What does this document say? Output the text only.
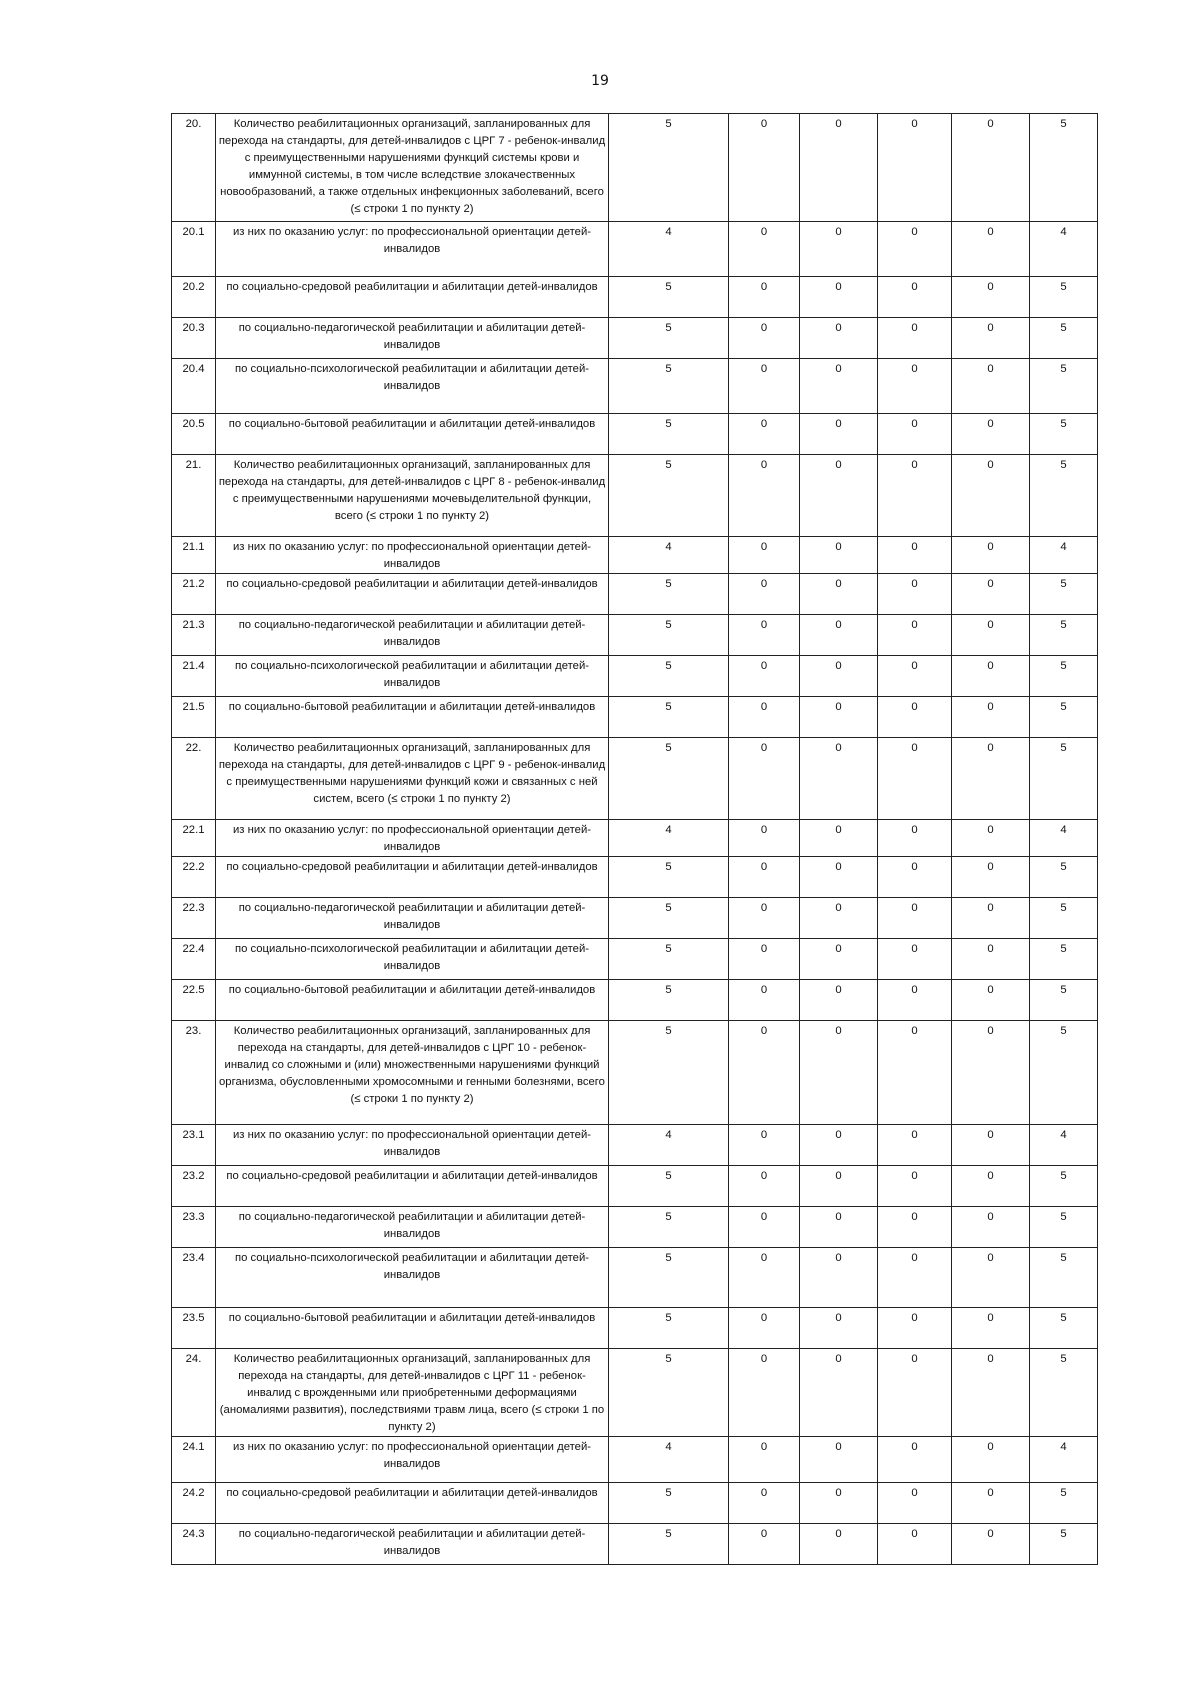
19
20.	Количество реабилитационных организаций, запланированных для перехода на стандарты, для детей-инвалидов с ЦРГ 7 - ребенок-инвалид с преимущественными нарушениями функций системы крови и иммунной системы, в том числе вследствие злокачественных новообразований, а также отдельных инфекционных заболеваний, всего (≤ строки 1 по пункту 2)	5	0	0	0	0	5
20.1	из них по оказанию услуг: по профессиональной ориентации детей-инвалидов	4	0	0	0	0	4
20.2	по социально-средовой реабилитации и абилитации детей-инвалидов	5	0	0	0	0	5
20.3	по социально-педагогической реабилитации и абилитации детей-инвалидов	5	0	0	0	0	5
20.4	по социально-психологической реабилитации и абилитации детей-инвалидов	5	0	0	0	0	5
20.5	по социально-бытовой реабилитации и абилитации детей-инвалидов	5	0	0	0	0	5
21.	Количество реабилитационных организаций, запланированных для перехода на стандарты, для детей-инвалидов с ЦРГ 8 - ребенок-инвалид с преимущественными нарушениями мочевыделительной функции, всего (≤ строки 1 по пункту 2)	5	0	0	0	0	5
21.1	из них по оказанию услуг: по профессиональной ориентации детей-инвалидов	4	0	0	0	0	4
21.2	по социально-средовой реабилитации и абилитации детей-инвалидов	5	0	0	0	0	5
21.3	по социально-педагогической реабилитации и абилитации детей-инвалидов	5	0	0	0	0	5
21.4	по социально-психологической реабилитации и абилитации детей-инвалидов	5	0	0	0	0	5
21.5	по социально-бытовой реабилитации и абилитации детей-инвалидов	5	0	0	0	0	5
22.	Количество реабилитационных организаций, запланированных для перехода на стандарты, для детей-инвалидов с ЦРГ 9 - ребенок-инвалид с преимущественными нарушениями функций кожи и связанных с ней систем, всего (≤ строки 1 по пункту 2)	5	0	0	0	0	5
22.1	из них по оказанию услуг: по профессиональной ориентации детей-инвалидов	4	0	0	0	0	4
22.2	по социально-средовой реабилитации и абилитации детей-инвалидов	5	0	0	0	0	5
22.3	по социально-педагогической реабилитации и абилитации детей-инвалидов	5	0	0	0	0	5
22.4	по социально-психологической реабилитации и абилитации детей-инвалидов	5	0	0	0	0	5
22.5	по социально-бытовой реабилитации и абилитации детей-инвалидов	5	0	0	0	0	5
23.	Количество реабилитационных организаций, запланированных для перехода на стандарты, для детей-инвалидов с ЦРГ 10 - ребенок-инвалид со сложными и (или) множественными нарушениями функций организма, обусловленными хромосомными и генными болезнями, всего (≤ строки 1 по пункту 2)	5	0	0	0	0	5
23.1	из них по оказанию услуг: по профессиональной ориентации детей-инвалидов	4	0	0	0	0	4
23.2	по социально-средовой реабилитации и абилитации детей-инвалидов	5	0	0	0	0	5
23.3	по социально-педагогической реабилитации и абилитации детей-инвалидов	5	0	0	0	0	5
23.4	по социально-психологической реабилитации и абилитации детей-инвалидов	5	0	0	0	0	5
23.5	по социально-бытовой реабилитации и абилитации детей-инвалидов	5	0	0	0	0	5
24.	Количество реабилитационных организаций, запланированных для перехода на стандарты, для детей-инвалидов с ЦРГ 11 - ребенок-инвалид с врожденными или приобретенными деформациями (аномалиями развития), последствиями травм лица, всего (≤ строки 1 по пункту 2)	5	0	0	0	0	5
24.1	из них по оказанию услуг: по профессиональной ориентации детей-инвалидов	4	0	0	0	0	4
24.2	по социально-средовой реабилитации и абилитации детей-инвалидов	5	0	0	0	0	5
24.3	по социально-педагогической реабилитации и абилитации детей-инвалидов	5	0	0	0	0	5
